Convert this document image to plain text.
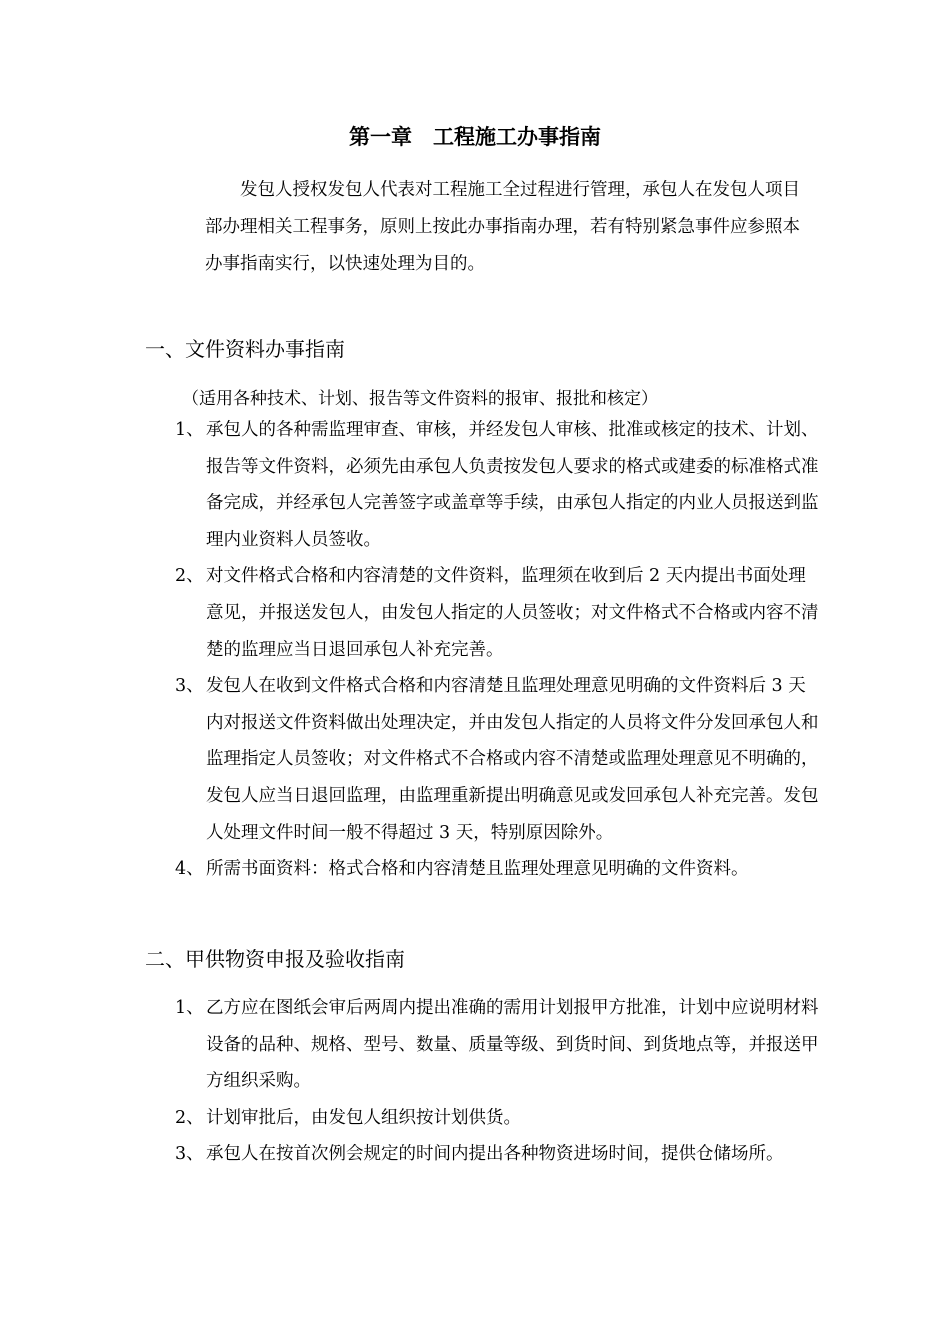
第一章　工程施工办事指南

发包人授权发包人代表对工程施工全过程进行管理，承包人在发包人项目部办理相关工程事务，原则上按此办事指南办理，若有特别紧急事件应参照本办事指南实行，以快速处理为目的。

一、文件资料办事指南
（适用各种技术、计划、报告等文件资料的报审、报批和核定）
1、 承包人的各种需监理审查、审核，并经发包人审核、批准或核定的技术、计划、报告等文件资料，必须先由承包人负责按发包人要求的格式或建委的标准格式准备完成，并经承包人完善签字或盖章等手续，由承包人指定的内业人员报送到监理内业资料人员签收。
2、 对文件格式合格和内容清楚的文件资料，监理须在收到后 2 天内提出书面处理意见，并报送发包人，由发包人指定的人员签收；对文件格式不合格或内容不清楚的监理应当日退回承包人补充完善。
3、 发包人在收到文件格式合格和内容清楚且监理处理意见明确的文件资料后 3 天内对报送文件资料做出处理决定，并由发包人指定的人员将文件分发回承包人和监理指定人员签收；对文件格式不合格或内容不清楚或监理处理意见不明确的，发包人应当日退回监理，由监理重新提出明确意见或发回承包人补充完善。发包人处理文件时间一般不得超过 3 天，特别原因除外。
4、 所需书面资料：格式合格和内容清楚且监理处理意见明确的文件资料。
二、甲供物资申报及验收指南
1、 乙方应在图纸会审后两周内提出准确的需用计划报甲方批准，计划中应说明材料设备的品种、规格、型号、数量、质量等级、到货时间、到货地点等，并报送甲方组织采购。
2、 计划审批后，由发包人组织按计划供货。
3、 承包人在按首次例会规定的时间内提出各种物资进场时间，提供仓储场所。
